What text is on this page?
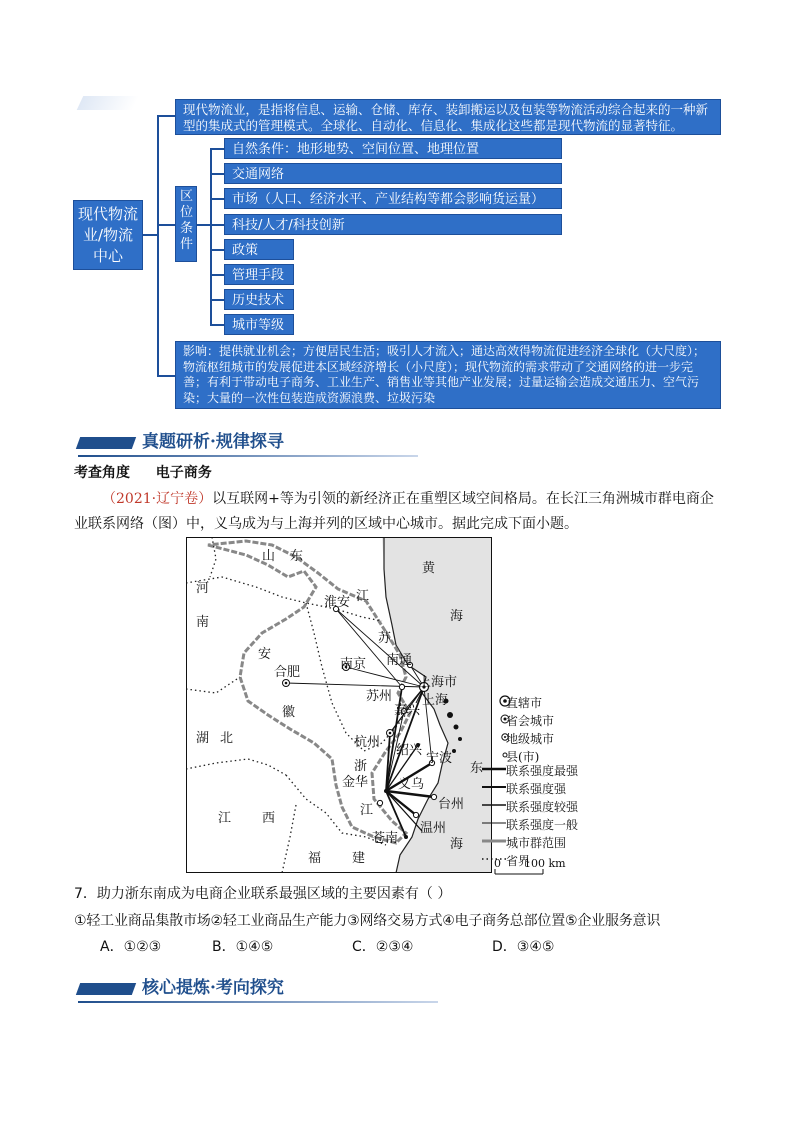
现代物流业/物流中心
现代物流业，是指将信息、运输、仓储、库存、装卸搬运以及包装等物流活动综合起来的一种新型的集成式的管理模式。全球化、自动化、信息化、集成化这些都是现代物流的显著特征。
区位条件
自然条件：地形地势、空间位置、地理位置
交通网络
市场（人口、经济水平、产业结构等都会影响货运量）
科技/人才/科技创新
政策
管理手段
历史技术
城市等级
影响：提供就业机会；方便居民生活；吸引人才流入；通达高效得物流促进经济全球化（大尺度）；物流枢纽城市的发展促进本区域经济增长（小尺度）；现代物流的需求带动了交通网络的进一步完善；有利于带动电子商务、工业生产、销售业等其他产业发展；过量运输会造成交通压力、空气污染；大量的一次性包装造成资源浪费、垃圾污染
真题研析·规律探寻
考查角度 电子商务
（2021·辽宁卷）以互联网+等为引领的新经济正在重塑区域空间格局。在长江三角洲城市群电商企业联系网络（图）中，义乌成为与上海并列的区域中心城市。据此完成下面小题。
山 东
河
南
安
徽
湖 北
江 西
福 建
江
苏
浙
江
黄
海
东
海
淮安
南京
合肥
南通
上海市
上海
苏州
嘉兴
杭州
绍兴
宁波
义乌
金华
台州
温州
苍南
直辖市
省会城市
地级城市
县(市)
联系强度最强
联系强度强
联系强度较强
联系强度一般
城市群范围
省界
0 100 km
7．助力浙东南成为电商企业联系最强区域的主要因素有（ ）
①轻工业商品集散市场②轻工业商品生产能力③网络交易方式④电子商务总部位置⑤企业服务意识
A．①②③	B．①④⑤	C．②③④	D．③④⑤
核心提炼·考向探究
